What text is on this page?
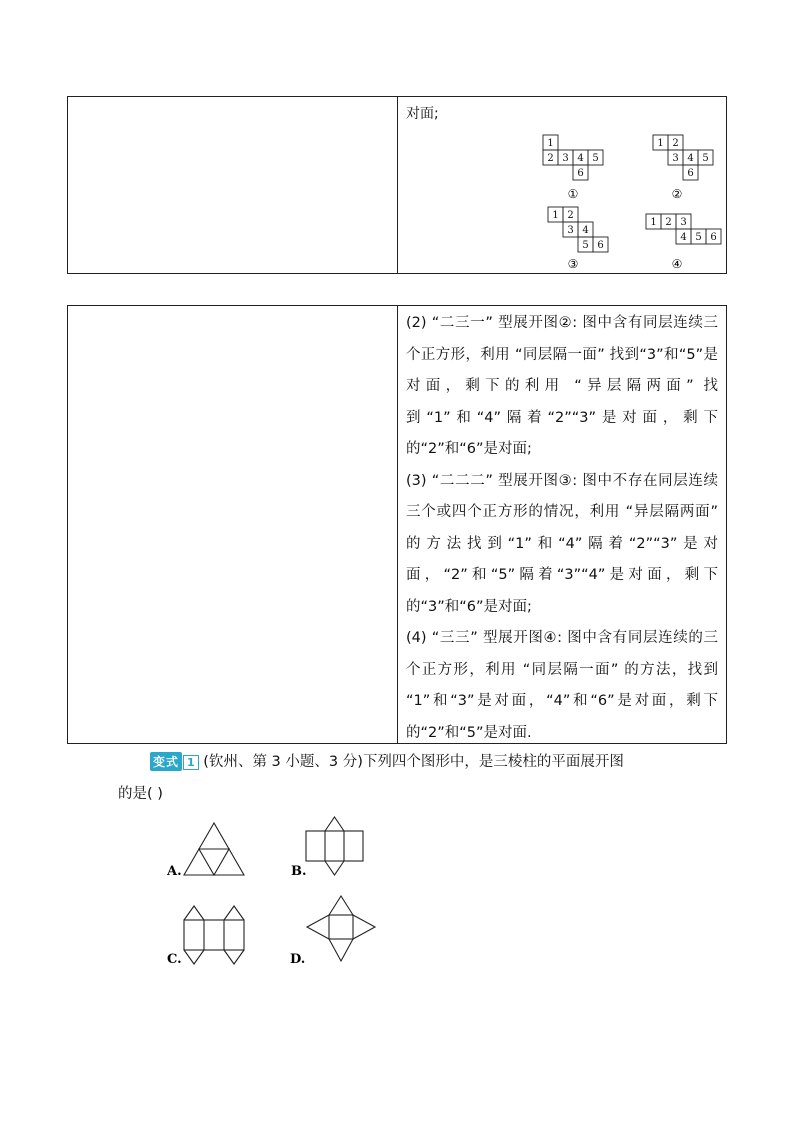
对面;
1
2 3 4 5
6
1 2
3 4 5
6
1 2
3 4
5 6
1 2 3
4 5 6
①	②
③	④

(2) “二三一” 型展开图②: 图中含有同层连续三个正方形，利用 “同层隔一面” 找到“3”和“5”是对面，剩下的利用 “异层隔两面” 找到“1”和“4”隔着“2”“3”是对面，剩下的“2”和“6”是对面;

(3) “二二二” 型展开图③: 图中不存在同层连续三个或四个正方形的情况，利用 “异层隔两面” 的方法找到“1”和“4”隔着“2”“3”是对面，“2”和“5”隔着“3”“4”是对面，剩下的“3”和“6”是对面;

(4) “三三” 型展开图④: 图中含有同层连续的三个正方形，利用 “同层隔一面” 的方法，找到 “1”和“3”是对面，“4”和“6”是对面，剩下的“2”和“5”是对面.

变式 1 (钦州、第 3 小题、3 分)下列四个图形中，是三棱柱的平面展开图
的是( )
A.	B.
C.	D.
